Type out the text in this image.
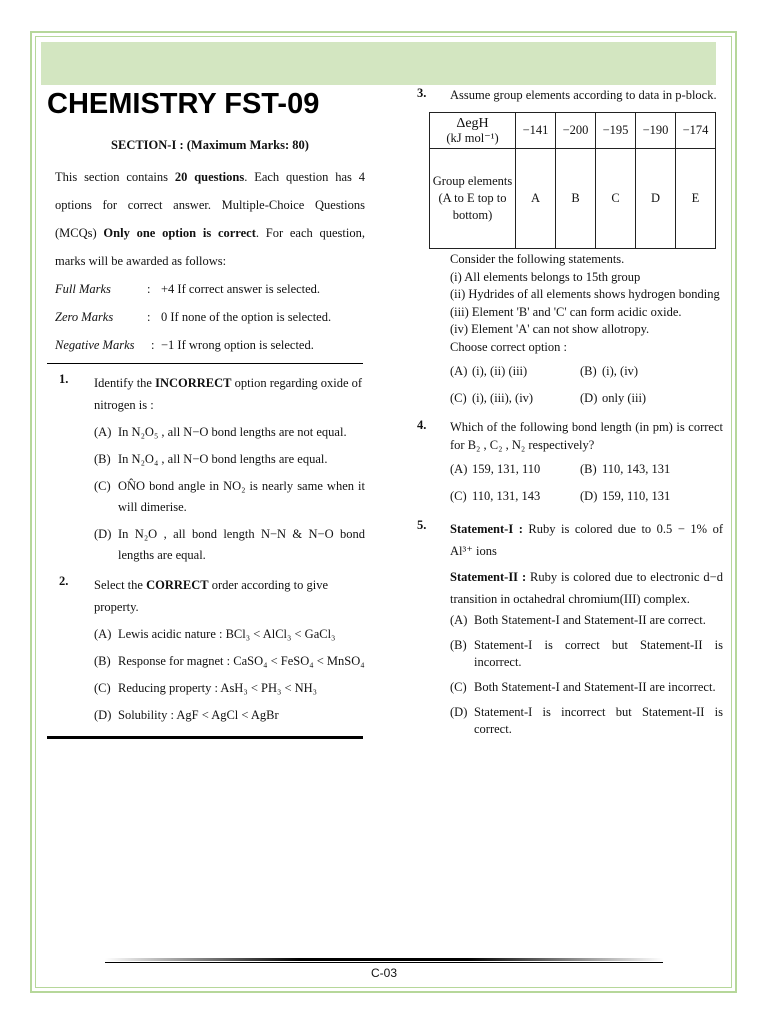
CHEMISTRY FST-09
SECTION-I : (Maximum Marks: 80)
This section contains 20 questions. Each question has 4 options for correct answer. Multiple-Choice Questions (MCQs) Only one option is correct. For each question, marks will be awarded as follows:
Full Marks	: +4 If correct answer is selected.
Zero Marks	: 0 If none of the option is selected.
Negative Marks	: −1 If wrong option is selected.
1.	Identify the INCORRECT option regarding oxide of nitrogen is :
(A) In N₂O₅ , all N−O bond lengths are not equal.
(B) In N₂O₄ , all N−O bond lengths are equal.
(C) ON̂O bond angle in NO₂ is nearly same when it will dimerise.
(D) In N₂O , all bond length N−N & N−O bond lengths are equal.
2.	Select the CORRECT order according to give property.
(A) Lewis acidic nature : BCl₃ < AlCl₃ < GaCl₃
(B) Response for magnet : CaSO₄ < FeSO₄ < MnSO₄
(C) Reducing property : AsH₃ < PH₃ < NH₃
(D) Solubility : AgF < AgCl < AgBr
3.	Assume group elements according to data in p-block.
ΔegH
(kJ mol⁻¹)	−141	−200	−195	−190	−174
Group elements (A to E top to bottom)	A	B	C	D	E
Consider the following statements.
(i) All elements belongs to 15th group
(ii) Hydrides of all elements shows hydrogen bonding
(iii) Element 'B' and 'C' can form acidic oxide.
(iv) Element 'A' can not show allotropy.
Choose correct option :
(A) (i), (ii) (iii)	(B) (i), (iv)
(C) (i), (iii), (iv)	(D) only (iii)
4.	Which of the following bond length (in pm) is correct for B₂ , C₂ , N₂ respectively?
(A) 159, 131, 110	(B) 110, 143, 131
(C) 110, 131, 143	(D) 159, 110, 131
5.	Statement-I : Ruby is colored due to 0.5 − 1% of Al³⁺ ions
Statement-II : Ruby is colored due to electronic d−d transition in octahedral chromium(III) complex.
(A) Both Statement-I and Statement-II are correct.
(B) Statement-I is correct but Statement-II is incorrect.
(C) Both Statement-I and Statement-II are incorrect.
(D) Statement-I is incorrect but Statement-II is correct.
C-03
